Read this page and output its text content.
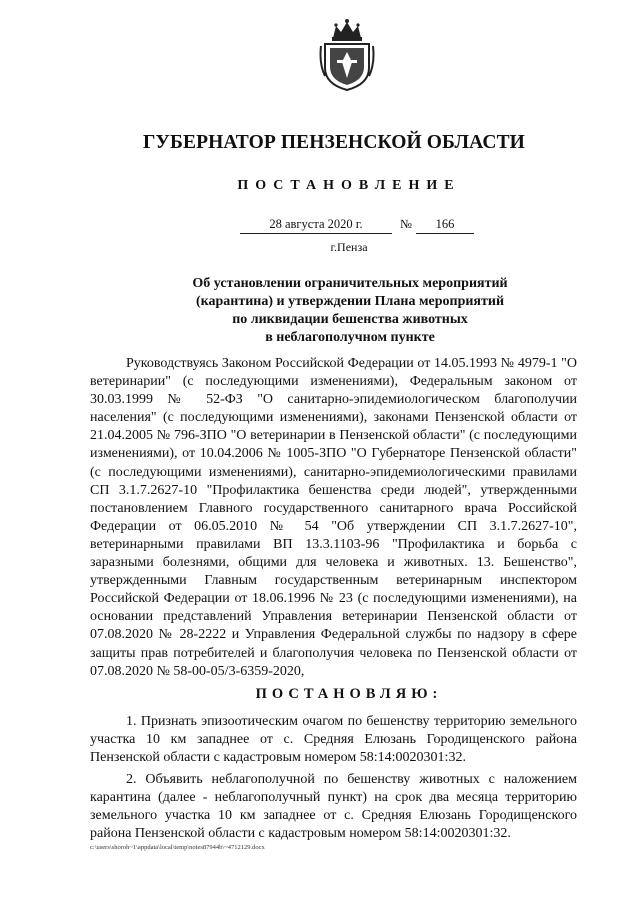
ГУБЕРНАТОР ПЕНЗЕНСКОЙ ОБЛАСТИ
ПОСТАНОВЛЕНИЕ
28 августа 2020 г.	№	166
г.Пенза
Об установлении ограничительных мероприятий
(карантина) и утверждении Плана мероприятий
по ликвидации бешенства животных
в неблагополучном пункте
Руководствуясь Законом Российской Федерации от 14.05.1993 № 4979-1 "О ветеринарии" (с последующими изменениями), Федеральным законом от 30.03.1999 № 52-ФЗ "О санитарно-эпидемиологическом благополучии населения" (с последующими изменениями), законами Пензенской области от 21.04.2005 № 796-ЗПО "О ветеринарии в Пензенской области" (с последующими изменениями), от 10.04.2006 № 1005-ЗПО "О Губернаторе Пензенской области" (с последующими изменениями), санитарно-эпидемиологическими правилами СП 3.1.7.2627-10 "Профилактика бешенства среди людей", утвержденными постановлением Главного государственного санитарного врача Российской Федерации от 06.05.2010 № 54 "Об утверждении СП 3.1.7.2627-10", ветеринарными правилами ВП 13.3.1103-96 "Профилактика и борьба с заразными болезнями, общими для человека и животных. 13. Бешенство", утвержденными Главным государственным ветеринарным инспектором Российской Федерации от 18.06.1996 № 23 (с последующими изменениями), на основании представлений Управления ветеринарии Пензенской области от 07.08.2020 № 28-2222 и Управления Федеральной службы по надзору в сфере защиты прав потребителей и благополучия человека по Пензенской области от 07.08.2020 № 58-00-05/3-6359-2020,
ПОСТАНОВЛЯЮ:
1. Признать эпизоотическим очагом по бешенству территорию земельного участка 10 км западнее от с. Средняя Елюзань Городищенского района Пензенской области с кадастровым номером 58:14:0020301:32.
2. Объявить неблагополучной по бешенству животных с наложением карантина (далее - неблагополучный пункт) на срок два месяца территорию земельного участка 10 км западнее от с. Средняя Елюзань Городищенского района Пензенской области с кадастровым номером 58:14:0020301:32.
c:\users\shoroh~1\appdata\local\temp\notes87944b\~4712129.docx
